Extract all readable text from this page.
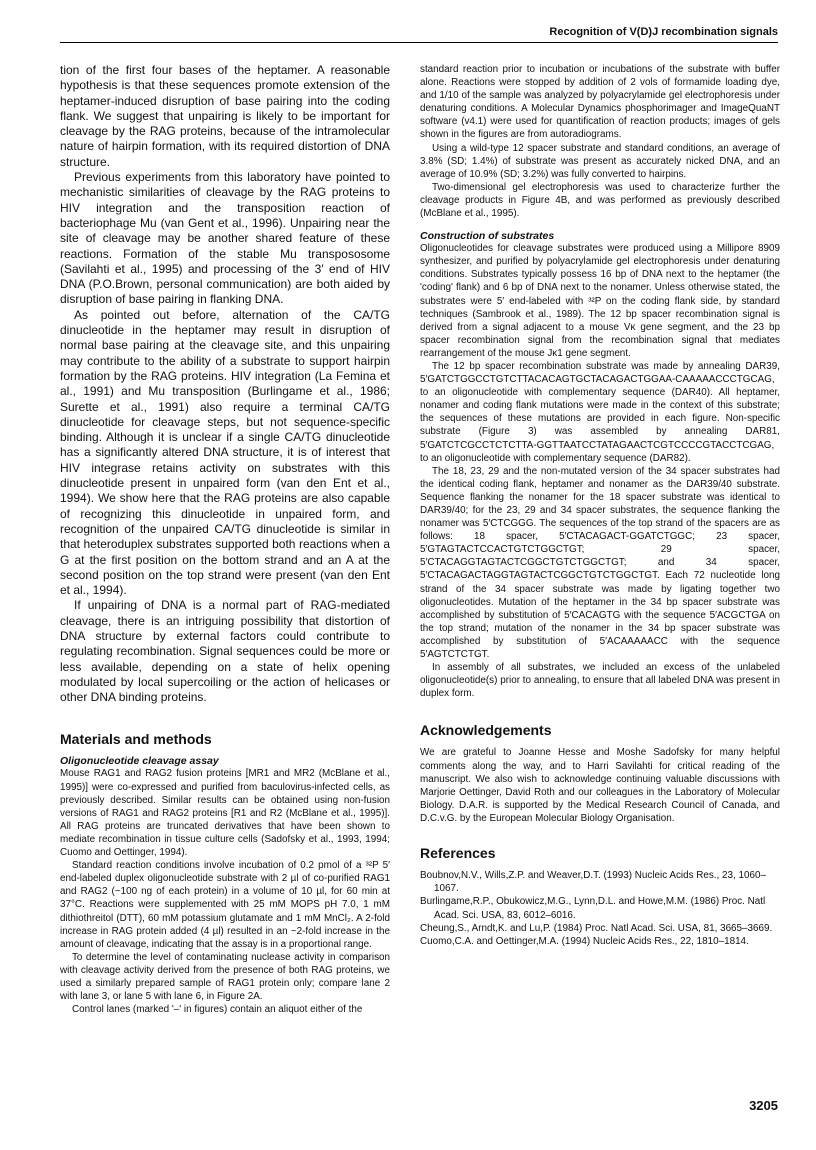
Recognition of V(D)J recombination signals

tion of the first four bases of the heptamer. A reasonable hypothesis is that these sequences promote extension of the heptamer-induced disruption of base pairing into the coding flank. We suggest that unpairing is likely to be important for cleavage by the RAG proteins, because of the intramolecular nature of hairpin formation, with its required distortion of DNA structure.

Previous experiments from this laboratory have pointed to mechanistic similarities of cleavage by the RAG proteins to HIV integration and the transposition reaction of bacteriophage Mu (van Gent et al., 1996). Unpairing near the site of cleavage may be another shared feature of these reactions. Formation of the stable Mu transpososome (Savilahti et al., 1995) and processing of the 3′ end of HIV DNA (P.O.Brown, personal communication) are both aided by disruption of base pairing in flanking DNA.

As pointed out before, alternation of the CA/TG dinucleotide in the heptamer may result in disruption of normal base pairing at the cleavage site, and this unpairing may contribute to the ability of a substrate to support hairpin formation by the RAG proteins. HIV integration (La Femina et al., 1991) and Mu transposition (Burlingame et al., 1986; Surette et al., 1991) also require a terminal CA/TG dinucleotide for cleavage steps, but not sequence-specific binding. Although it is unclear if a single CA/TG dinucleotide has a significantly altered DNA structure, it is of interest that HIV integrase retains activity on substrates with this dinucleotide present in unpaired form (van den Ent et al., 1994). We show here that the RAG proteins are also capable of recognizing this dinucleotide in unpaired form, and recognition of the unpaired CA/TG dinucleotide is similar in that heteroduplex substrates supported both reactions when a G at the first position on the bottom strand and an A at the second position on the top strand were present (van den Ent et al., 1994).

If unpairing of DNA is a normal part of RAG-mediated cleavage, there is an intriguing possibility that distortion of DNA structure by external factors could contribute to regulating recombination. Signal sequences could be more or less available, depending on a state of helix opening modulated by local supercoiling or the action of helicases or other DNA binding proteins.

Materials and methods
Oligonucleotide cleavage assay

Mouse RAG1 and RAG2 fusion proteins [MR1 and MR2 (McBlane et al., 1995)] were co-expressed and purified from baculovirus-infected cells, as previously described. Similar results can be obtained using non-fusion versions of RAG1 and RAG2 proteins [R1 and R2 (McBlane et al., 1995)]. All RAG proteins are truncated derivatives that have been shown to mediate recombination in tissue culture cells (Sadofsky et al., 1993, 1994; Cuomo and Oettinger, 1994).

Standard reaction conditions involve incubation of 0.2 pmol of a ³²P 5′ end-labeled duplex oligonucleotide substrate with 2 µl of co-purified RAG1 and RAG2 (~100 ng of each protein) in a volume of 10 µl, for 60 min at 37°C. Reactions were supplemented with 25 mM MOPS pH 7.0, 1 mM dithiothreitol (DTT), 60 mM potassium glutamate and 1 mM MnCl₂. A 2-fold increase in RAG protein added (4 µl) resulted in an ~2-fold increase in the amount of cleavage, indicating that the assay is in a proportional range.

To determine the level of contaminating nuclease activity in comparison with cleavage activity derived from the presence of both RAG proteins, we used a similarly prepared sample of RAG1 protein only; compare lane 2 with lane 3, or lane 5 with lane 6, in Figure 2A.

Control lanes (marked '–' in figures) contain an aliquot either of the

standard reaction prior to incubation or incubations of the substrate with buffer alone. Reactions were stopped by addition of 2 vols of formamide loading dye, and 1/10 of the sample was analyzed by polyacrylamide gel electrophoresis under denaturing conditions. A Molecular Dynamics phosphorimager and ImageQuaNT software (v4.1) were used for quantification of reaction products; images of gels shown in the figures are from autoradiograms.

Using a wild-type 12 spacer substrate and standard conditions, an average of 3.8% (SD; 1.4%) of substrate was present as accurately nicked DNA, and an average of 10.9% (SD; 3.2%) was fully converted to hairpins.

Two-dimensional gel electrophoresis was used to characterize further the cleavage products in Figure 4B, and was performed as previously described (McBlane et al., 1995).

Construction of substrates

Oligonucleotides for cleavage substrates were produced using a Millipore 8909 synthesizer, and purified by polyacrylamide gel electrophoresis under denaturing conditions. Substrates typically possess 16 bp of DNA next to the heptamer (the 'coding' flank) and 6 bp of DNA next to the nonamer. Unless otherwise stated, the substrates were 5′ end-labeled with ³²P on the coding flank side, by standard techniques (Sambrook et al., 1989). The 12 bp spacer recombination signal is derived from a signal adjacent to a mouse Vκ gene segment, and the 23 bp spacer recombination signal from the recombination signal that mediates rearrangement of the mouse Jκ1 gene segment.

The 12 bp spacer recombination substrate was made by annealing DAR39, 5′GATCTGGCCTGTCTTACACAGTGCTACAGACTGGAA-CAAAAACCCTGCAG, to an oligonucleotide with complementary sequence (DAR40). All heptamer, nonamer and coding flank mutations were made in the context of this substrate; the sequences of these mutations are provided in each figure. Non-specific substrate (Figure 3) was assembled by annealing DAR81, 5′GATCTCGCCTCTCTTA-GGTTAATCCTATAGAACTCGTCCCCGTACCTCGAG, to an oligonucleotide with complementary sequence (DAR82).

The 18, 23, 29 and the non-mutated version of the 34 spacer substrates had the identical coding flank, heptamer and nonamer as the DAR39/40 substrate. Sequence flanking the nonamer for the 18 spacer substrate was identical to DAR39/40; for the 23, 29 and 34 spacer substrates, the sequence flanking the nonamer was 5′CTCGGG. The sequences of the top strand of the spacers are as follows: 18 spacer, 5′CTACAGACT-GGATCTGGC; 23 spacer, 5′GTAGTACTCCACTGTCTGGCTGT; 29 spacer, 5′CTACAGGTAGTACTCGGCTGTCTGGCTGT; and 34 spacer, 5′CTACAGACTAGGTAGTACTCGGCTGTCTGGCTGT. Each 72 nucleotide long strand of the 34 spacer substrate was made by ligating together two oligonucleotides. Mutation of the heptamer in the 34 bp spacer substrate was accomplished by substitution of 5′CACAGTG with the sequence 5′ACGCTGA on the top strand; mutation of the nonamer in the 34 bp spacer substrate was accomplished by substitution of 5′ACAAAAACC with the sequence 5′AGTCTCTGT.

In assembly of all substrates, we included an excess of the unlabeled oligonucleotide(s) prior to annealing, to ensure that all labeled DNA was present in duplex form.

Acknowledgements

We are grateful to Joanne Hesse and Moshe Sadofsky for many helpful comments along the way, and to Harri Savilahti for critical reading of the manuscript. We also wish to acknowledge continuing valuable discussions with Marjorie Oettinger, David Roth and our colleagues in the Laboratory of Molecular Biology. D.A.R. is supported by the Medical Research Council of Canada, and D.C.v.G. by the European Molecular Biology Organisation.

References

Boubnov,N.V., Wills,Z.P. and Weaver,D.T. (1993) Nucleic Acids Res., 23, 1060–1067.

Burlingame,R.P., Obukowicz,M.G., Lynn,D.L. and Howe,M.M. (1986) Proc. Natl Acad. Sci. USA, 83, 6012–6016.

Cheung,S., Arndt,K. and Lu,P. (1984) Proc. Natl Acad. Sci. USA, 81, 3665–3669.

Cuomo,C.A. and Oettinger,M.A. (1994) Nucleic Acids Res., 22, 1810–1814.

3205
